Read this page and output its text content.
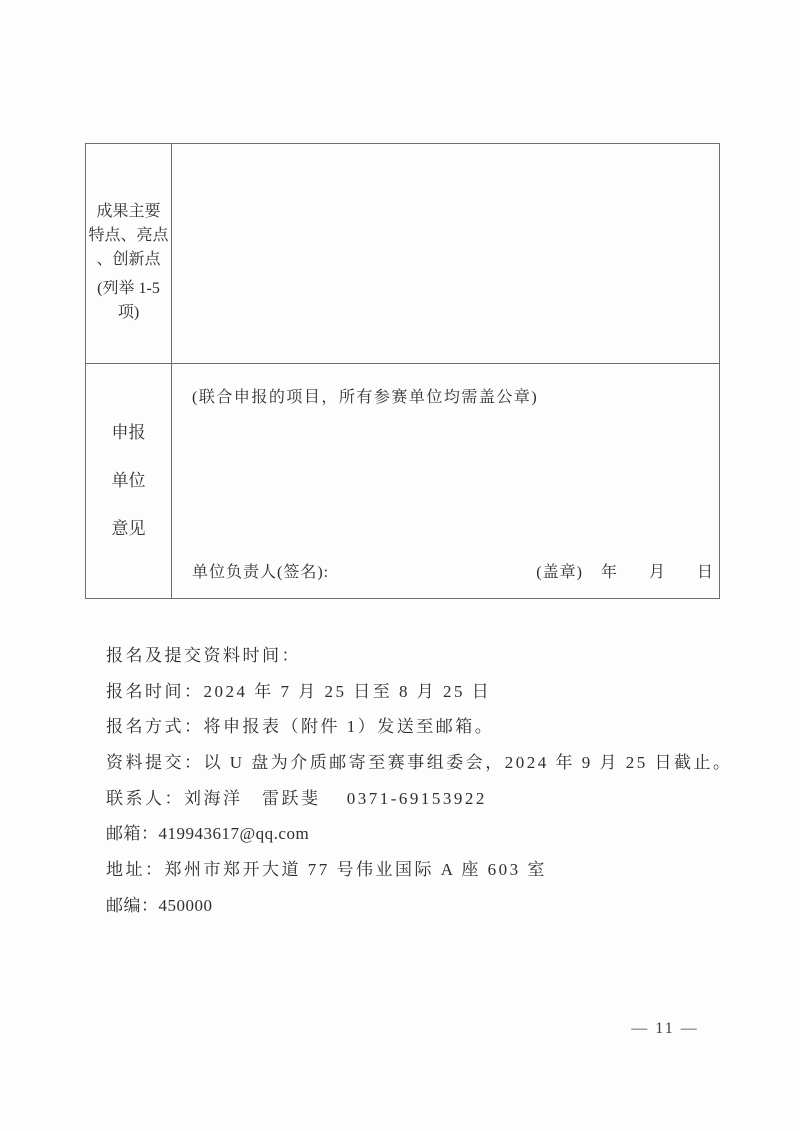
成果主要
特点、亮点
、创新点
(列举 1-5
项)
申报
单位
意见
(联合申报的项目，所有参赛单位均需盖公章)
单位负责人(签名):	(盖章) 年 月 日
报名及提交资料时间：
报名时间：2024 年 7 月 25 日至 8 月 25 日
报名方式：将申报表（附件 1）发送至邮箱。
资料提交：以 U 盘为介质邮寄至赛事组委会，2024 年 9 月 25 日截止。
联系人：刘海洋　雷跃斐　 0371-69153922
邮箱：419943617@qq.com
地址：郑州市郑开大道 77 号伟业国际 A 座 603 室
邮编：450000
— 11 —
